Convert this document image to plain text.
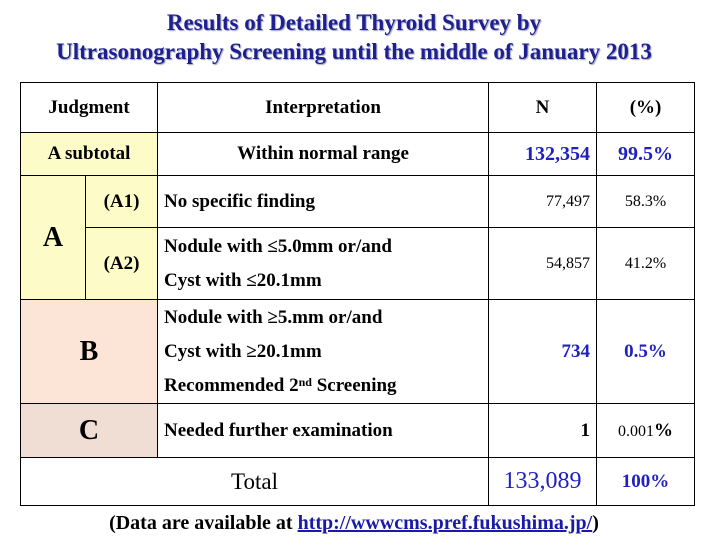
Results of Detailed Thyroid Survey by
Ultrasonography Screening until the middle of January 2013
Judgment		Interpretation	N	(%)
A subtotal		Within normal range	132,354	99.5%
A	(A1)	No specific finding	77,497	58.3%
	(A2)	Nodule with ≤5.0mm or/and
Cyst with ≤20.1mm	54,857	41.2%
B		Nodule with ≥5.mm or/and
Cyst with ≥20.1mm
Recommended 2nd Screening	734	0.5%
C		Needed further examination	1	0.001%
Total			133,089	100%
(Data are available at http://wwwcms.pref.fukushima.jp/)
